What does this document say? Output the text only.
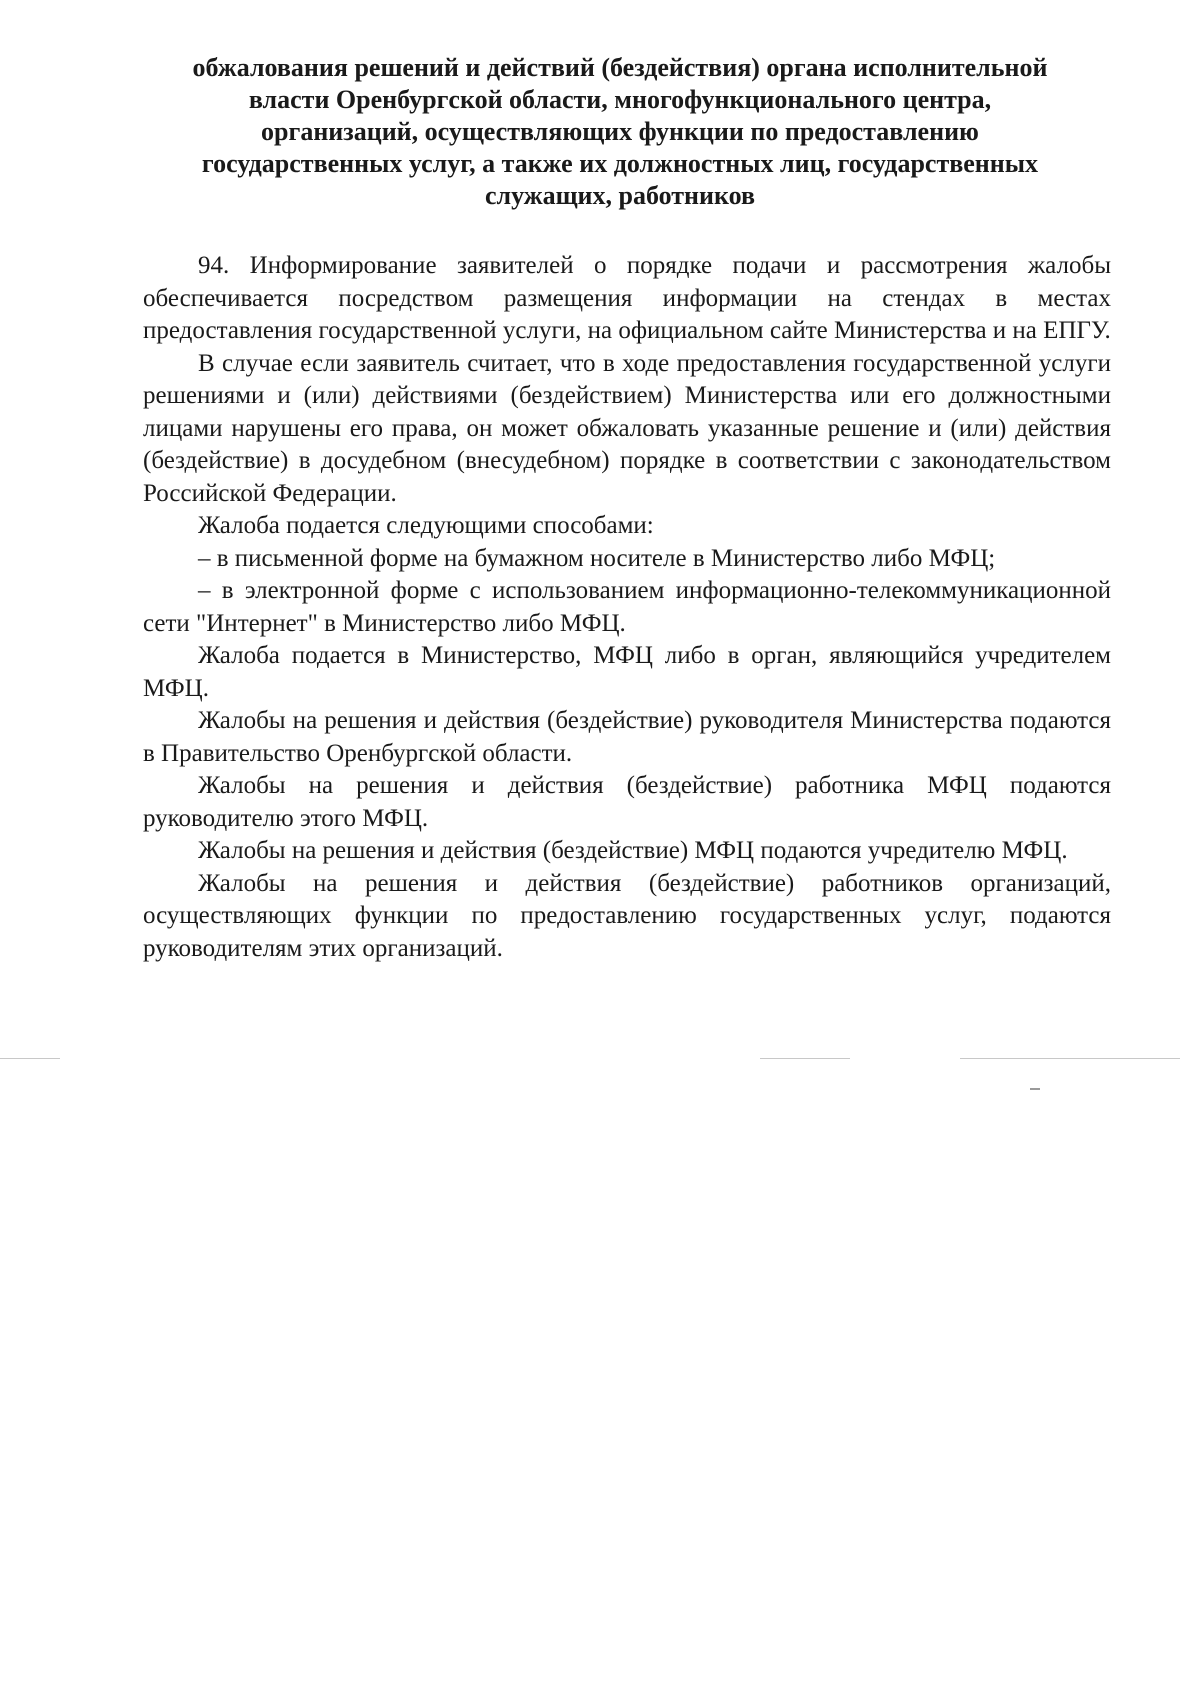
обжалования решений и действий (бездействия) органа исполнительной
власти Оренбургской области, многофункционального центра,
организаций, осуществляющих функции по предоставлению
государственных услуг, а также их должностных лиц, государственных
служащих, работников

94. Информирование заявителей о порядке подачи и рассмотрения жалобы обеспечивается посредством размещения информации на стендах в местах предоставления государственной услуги, на официальном сайте Министерства и на ЕПГУ.

В случае если заявитель считает, что в ходе предоставления государственной услуги решениями и (или) действиями (бездействием) Министерства или его должностными лицами нарушены его права, он может обжаловать указанные решение и (или) действия (бездействие) в досудебном (внесудебном) порядке в соответствии с законодательством Российской Федерации.

Жалоба подается следующими способами:

– в письменной форме на бумажном носителе в Министерство либо МФЦ;

– в электронной форме с использованием информационно-телекоммуникационной сети "Интернет" в Министерство либо МФЦ.

Жалоба подается в Министерство, МФЦ либо в орган, являющийся учредителем МФЦ.

Жалобы на решения и действия (бездействие) руководителя Министерства подаются в Правительство Оренбургской области.

Жалобы на решения и действия (бездействие) работника МФЦ подаются руководителю этого МФЦ.

Жалобы на решения и действия (бездействие) МФЦ подаются учредителю МФЦ.

Жалобы на решения и действия (бездействие) работников организаций, осуществляющих функции по предоставлению государственных услуг, подаются руководителям этих организаций.
